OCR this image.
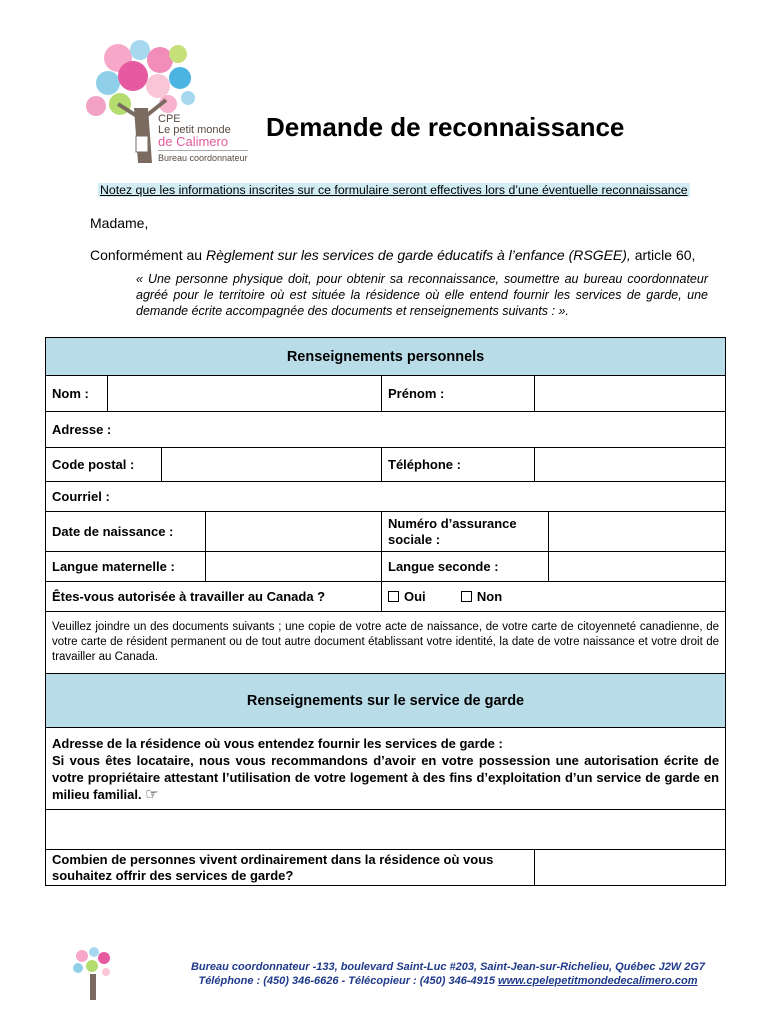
CPE
Le petit monde
de Calimero
Bureau coordonnateur
Demande de reconnaissance
Notez que les informations inscrites sur ce formulaire seront effectives lors d’une éventuelle reconnaissance
Madame,
Conformément au Règlement sur les services de garde éducatifs à l’enfance (RSGEE), article 60,
« Une personne physique doit, pour obtenir sa reconnaissance, soumettre au bureau coordonnateur agréé pour le territoire où est située la résidence où elle entend fournir les services de garde, une demande écrite accompagnée des documents et renseignements suivants : ».
Renseignements personnels						
Nom :				Prénom :		
Adresse :						
Code postal :				Téléphone :		
Courriel :						
Date de naissance :				Numéro d’assurance sociale :		
Langue maternelle :				Langue seconde :		
Êtes-vous autorisée à travailler au Canada ?				Oui Non		
Veuillez joindre un des documents suivants ; une copie de votre acte de naissance, de votre carte de citoyenneté canadienne, de votre carte de résident permanent ou de tout autre document établissant votre identité, la date de votre naissance et votre droit de travailler au Canada.						
Renseignements sur le service de garde						

Adresse de la résidence où vous entendez fournir les services de garde :
Si vous êtes locataire, nous vous recommandons d’avoir en votre possession une autorisation écrite de votre propriétaire attestant l’utilisation de votre logement à des fins d’exploitation d’un service de garde en milieu familial. ☞						

Combien de personnes vivent ordinairement dans la résidence où vous souhaitez offrir des services de garde?						
Bureau coordonnateur -133, boulevard Saint-Luc #203, Saint-Jean-sur-Richelieu, Québec J2W 2G7
Téléphone : (450) 346-6626 - Télécopieur : (450) 346-4915 www.cpelepetitmondedecalimero.com
